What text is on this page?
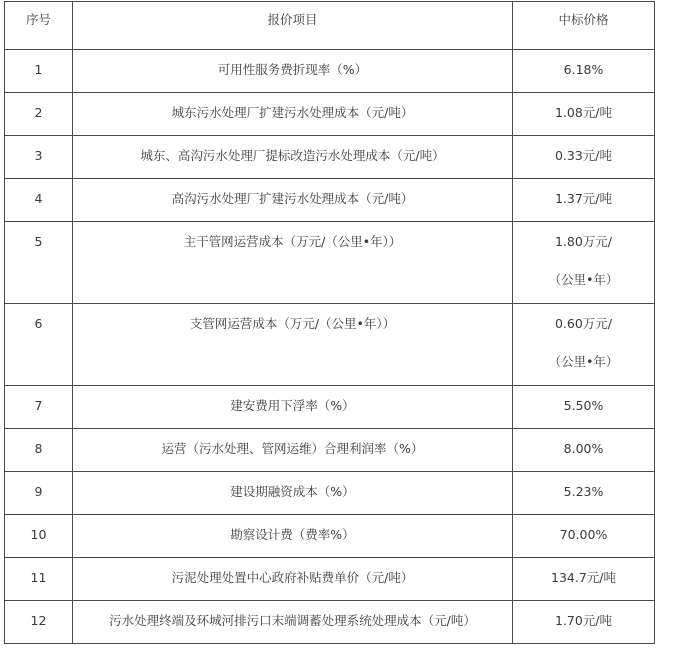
序号	报价项目	中标价格

1	可用性服务费折现率（%）	6.18%

2	城东污水处理厂扩建污水处理成本（元/吨）	1.08元/吨

3	城东、高沟污水处理厂提标改造污水处理成本（元/吨）	0.33元/吨

4	高沟污水处理厂扩建污水处理成本（元/吨）	1.37元/吨

5	主干管网运营成本（万元/（公里•年））	1.80万元/
（公里•年）

6	支管网运营成本（万元/（公里•年））	0.60万元/
（公里•年）

7	建安费用下浮率（%）	5.50%

8	运营（污水处理、管网运维）合理利润率（%）	8.00%

9	建设期融资成本（%）	5.23%

10	勘察设计费（费率%）	70.00%

11	污泥处理处置中心政府补贴费单价（元/吨）	134.7元/吨

12	污水处理终端及环城河排污口末端调蓄处理系统处理成本（元/吨）	1.70元/吨
